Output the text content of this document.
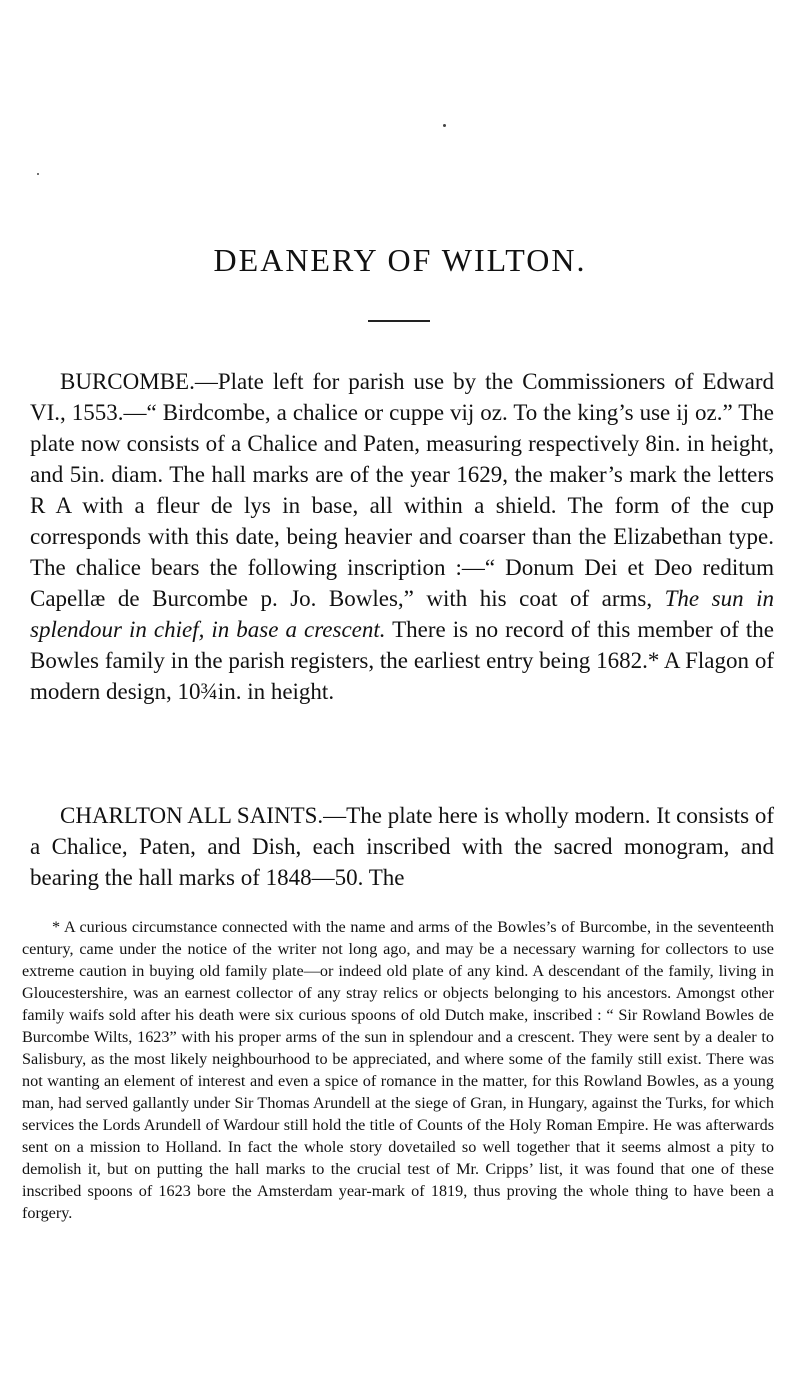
DEANERY OF WILTON.

BURCOMBE.—Plate left for parish use by the Commissioners of Edward VI., 1553.—“ Birdcombe, a chalice or cuppe vij oz. To the king’s use ij oz.” The plate now consists of a Chalice and Paten, measuring respectively 8in. in height, and 5in. diam. The hall marks are of the year 1629, the maker’s mark the letters R A with a fleur de lys in base, all within a shield. The form of the cup corresponds with this date, being heavier and coarser than the Elizabethan type. The chalice bears the following inscription :—“ Donum Dei et Deo reditum Capellæ de Burcombe p. Jo. Bowles,” with his coat of arms, The sun in splendour in chief, in base a crescent. There is no record of this member of the Bowles family in the parish registers, the earliest entry being 1682.* A Flagon of modern design, 10¾in. in height.

CHARLTON ALL SAINTS.—The plate here is wholly modern. It consists of a Chalice, Paten, and Dish, each inscribed with the sacred monogram, and bearing the hall marks of 1848—50. The

* A curious circumstance connected with the name and arms of the Bowles’s of Burcombe, in the seventeenth century, came under the notice of the writer not long ago, and may be a necessary warning for collectors to use extreme caution in buying old family plate—or indeed old plate of any kind. A descendant of the family, living in Gloucestershire, was an earnest collector of any stray relics or objects belonging to his ancestors. Amongst other family waifs sold after his death were six curious spoons of old Dutch make, inscribed : “ Sir Rowland Bowles de Burcombe Wilts, 1623” with his proper arms of the sun in splendour and a crescent. They were sent by a dealer to Salisbury, as the most likely neighbourhood to be appreciated, and where some of the family still exist. There was not wanting an element of interest and even a spice of romance in the matter, for this Rowland Bowles, as a young man, had served gallantly under Sir Thomas Arundell at the siege of Gran, in Hungary, against the Turks, for which services the Lords Arundell of Wardour still hold the title of Counts of the Holy Roman Empire. He was afterwards sent on a mission to Holland. In fact the whole story dovetailed so well together that it seems almost a pity to demolish it, but on putting the hall marks to the crucial test of Mr. Cripps’ list, it was found that one of these inscribed spoons of 1623 bore the Amsterdam year-mark of 1819, thus proving the whole thing to have been a forgery.
